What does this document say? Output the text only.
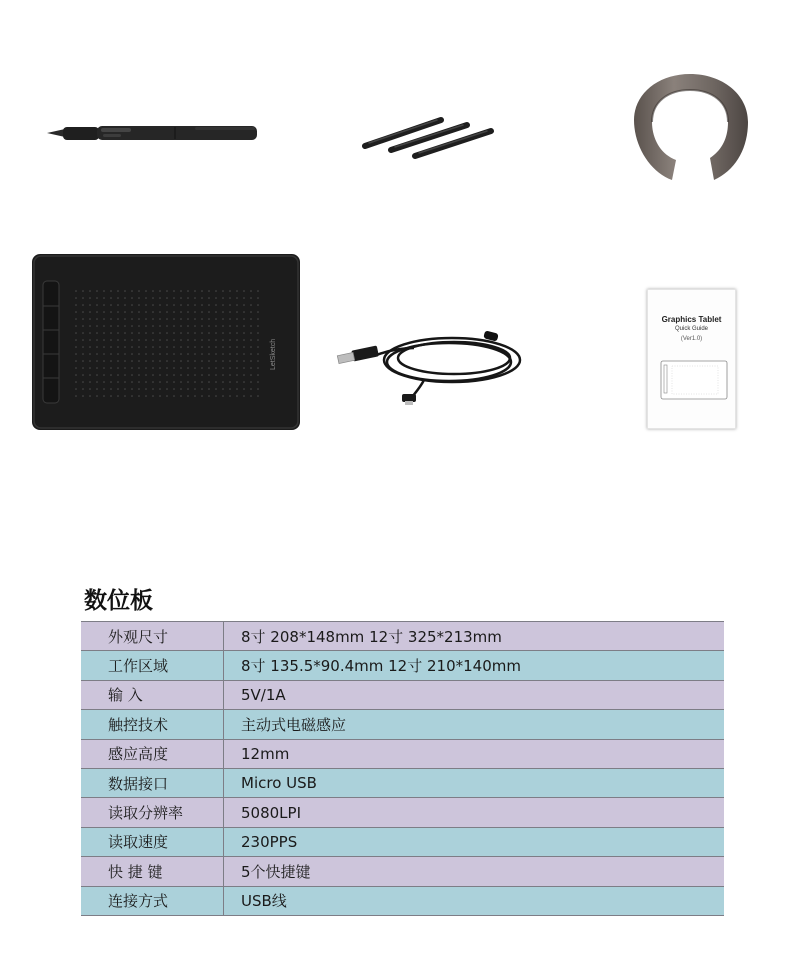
LetSketch
Graphics Tablet
Quick Guide
(Ver1.0)
数位板
外观尺寸	8寸 208*148mm 12寸 325*213mm
工作区域	8寸 135.5*90.4mm 12寸 210*140mm
输 入	5V/1A
触控技术	主动式电磁感应
感应高度	12mm
数据接口	Micro USB
读取分辨率	5080LPI
读取速度	230PPS
快 捷 键	5个快捷键
连接方式	USB线
